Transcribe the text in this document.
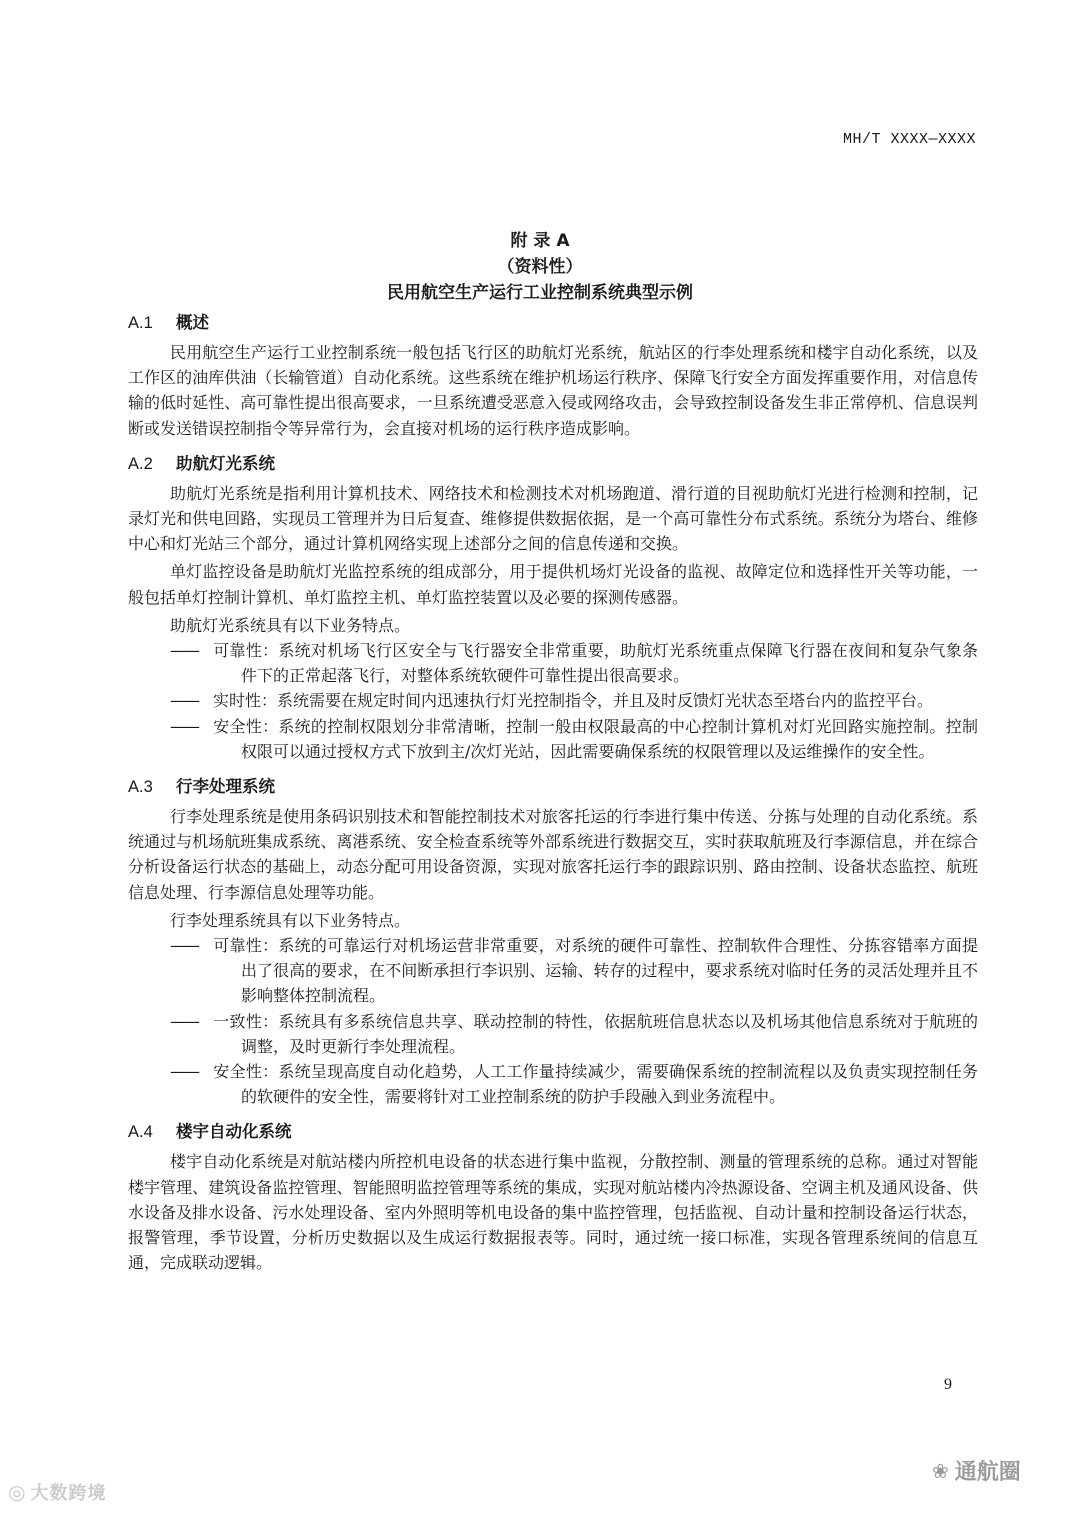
MH/T XXXX—XXXX
附 录 A
（资料性）
民用航空生产运行工业控制系统典型示例
A.1 概述
民用航空生产运行工业控制系统一般包括飞行区的助航灯光系统，航站区的行李处理系统和楼宇自动化系统，以及工作区的油库供油（长输管道）自动化系统。这些系统在维护机场运行秩序、保障飞行安全方面发挥重要作用，对信息传输的低时延性、高可靠性提出很高要求，一旦系统遭受恶意入侵或网络攻击，会导致控制设备发生非正常停机、信息误判断或发送错误控制指令等异常行为，会直接对机场的运行秩序造成影响。
A.2 助航灯光系统
助航灯光系统是指利用计算机技术、网络技术和检测技术对机场跑道、滑行道的目视助航灯光进行检测和控制，记录灯光和供电回路，实现员工管理并为日后复查、维修提供数据依据，是一个高可靠性分布式系统。系统分为塔台、维修中心和灯光站三个部分，通过计算机网络实现上述部分之间的信息传递和交换。
单灯监控设备是助航灯光监控系统的组成部分，用于提供机场灯光设备的监视、故障定位和选择性开关等功能，一般包括单灯控制计算机、单灯监控主机、单灯监控装置以及必要的探测传感器。
助航灯光系统具有以下业务特点。
—— 可靠性：系统对机场飞行区安全与飞行器安全非常重要，助航灯光系统重点保障飞行器在夜间和复杂气象条件下的正常起落飞行，对整体系统软硬件可靠性提出很高要求。
—— 实时性：系统需要在规定时间内迅速执行灯光控制指令，并且及时反馈灯光状态至塔台内的监控平台。
—— 安全性：系统的控制权限划分非常清晰，控制一般由权限最高的中心控制计算机对灯光回路实施控制。控制权限可以通过授权方式下放到主/次灯光站，因此需要确保系统的权限管理以及运维操作的安全性。
A.3 行李处理系统
行李处理系统是使用条码识别技术和智能控制技术对旅客托运的行李进行集中传送、分拣与处理的自动化系统。系统通过与机场航班集成系统、离港系统、安全检查系统等外部系统进行数据交互，实时获取航班及行李源信息，并在综合分析设备运行状态的基础上，动态分配可用设备资源，实现对旅客托运行李的跟踪识别、路由控制、设备状态监控、航班信息处理、行李源信息处理等功能。
行李处理系统具有以下业务特点。
—— 可靠性：系统的可靠运行对机场运营非常重要，对系统的硬件可靠性、控制软件合理性、分拣容错率方面提出了很高的要求，在不间断承担行李识别、运输、转存的过程中，要求系统对临时任务的灵活处理并且不影响整体控制流程。
—— 一致性：系统具有多系统信息共享、联动控制的特性，依据航班信息状态以及机场其他信息系统对于航班的调整，及时更新行李处理流程。
—— 安全性：系统呈现高度自动化趋势，人工工作量持续减少，需要确保系统的控制流程以及负责实现控制任务的软硬件的安全性，需要将针对工业控制系统的防护手段融入到业务流程中。
A.4 楼宇自动化系统
楼宇自动化系统是对航站楼内所控机电设备的状态进行集中监视，分散控制、测量的管理系统的总称。通过对智能楼宇管理、建筑设备监控管理、智能照明监控管理等系统的集成，实现对航站楼内冷热源设备、空调主机及通风设备、供水设备及排水设备、污水处理设备、室内外照明等机电设备的集中监控管理，包括监视、自动计量和控制设备运行状态，报警管理，季节设置，分析历史数据以及生成运行数据报表等。同时，通过统一接口标准，实现各管理系统间的信息互通，完成联动逻辑。
9
◎ 大数跨境
❀ 通航圈
